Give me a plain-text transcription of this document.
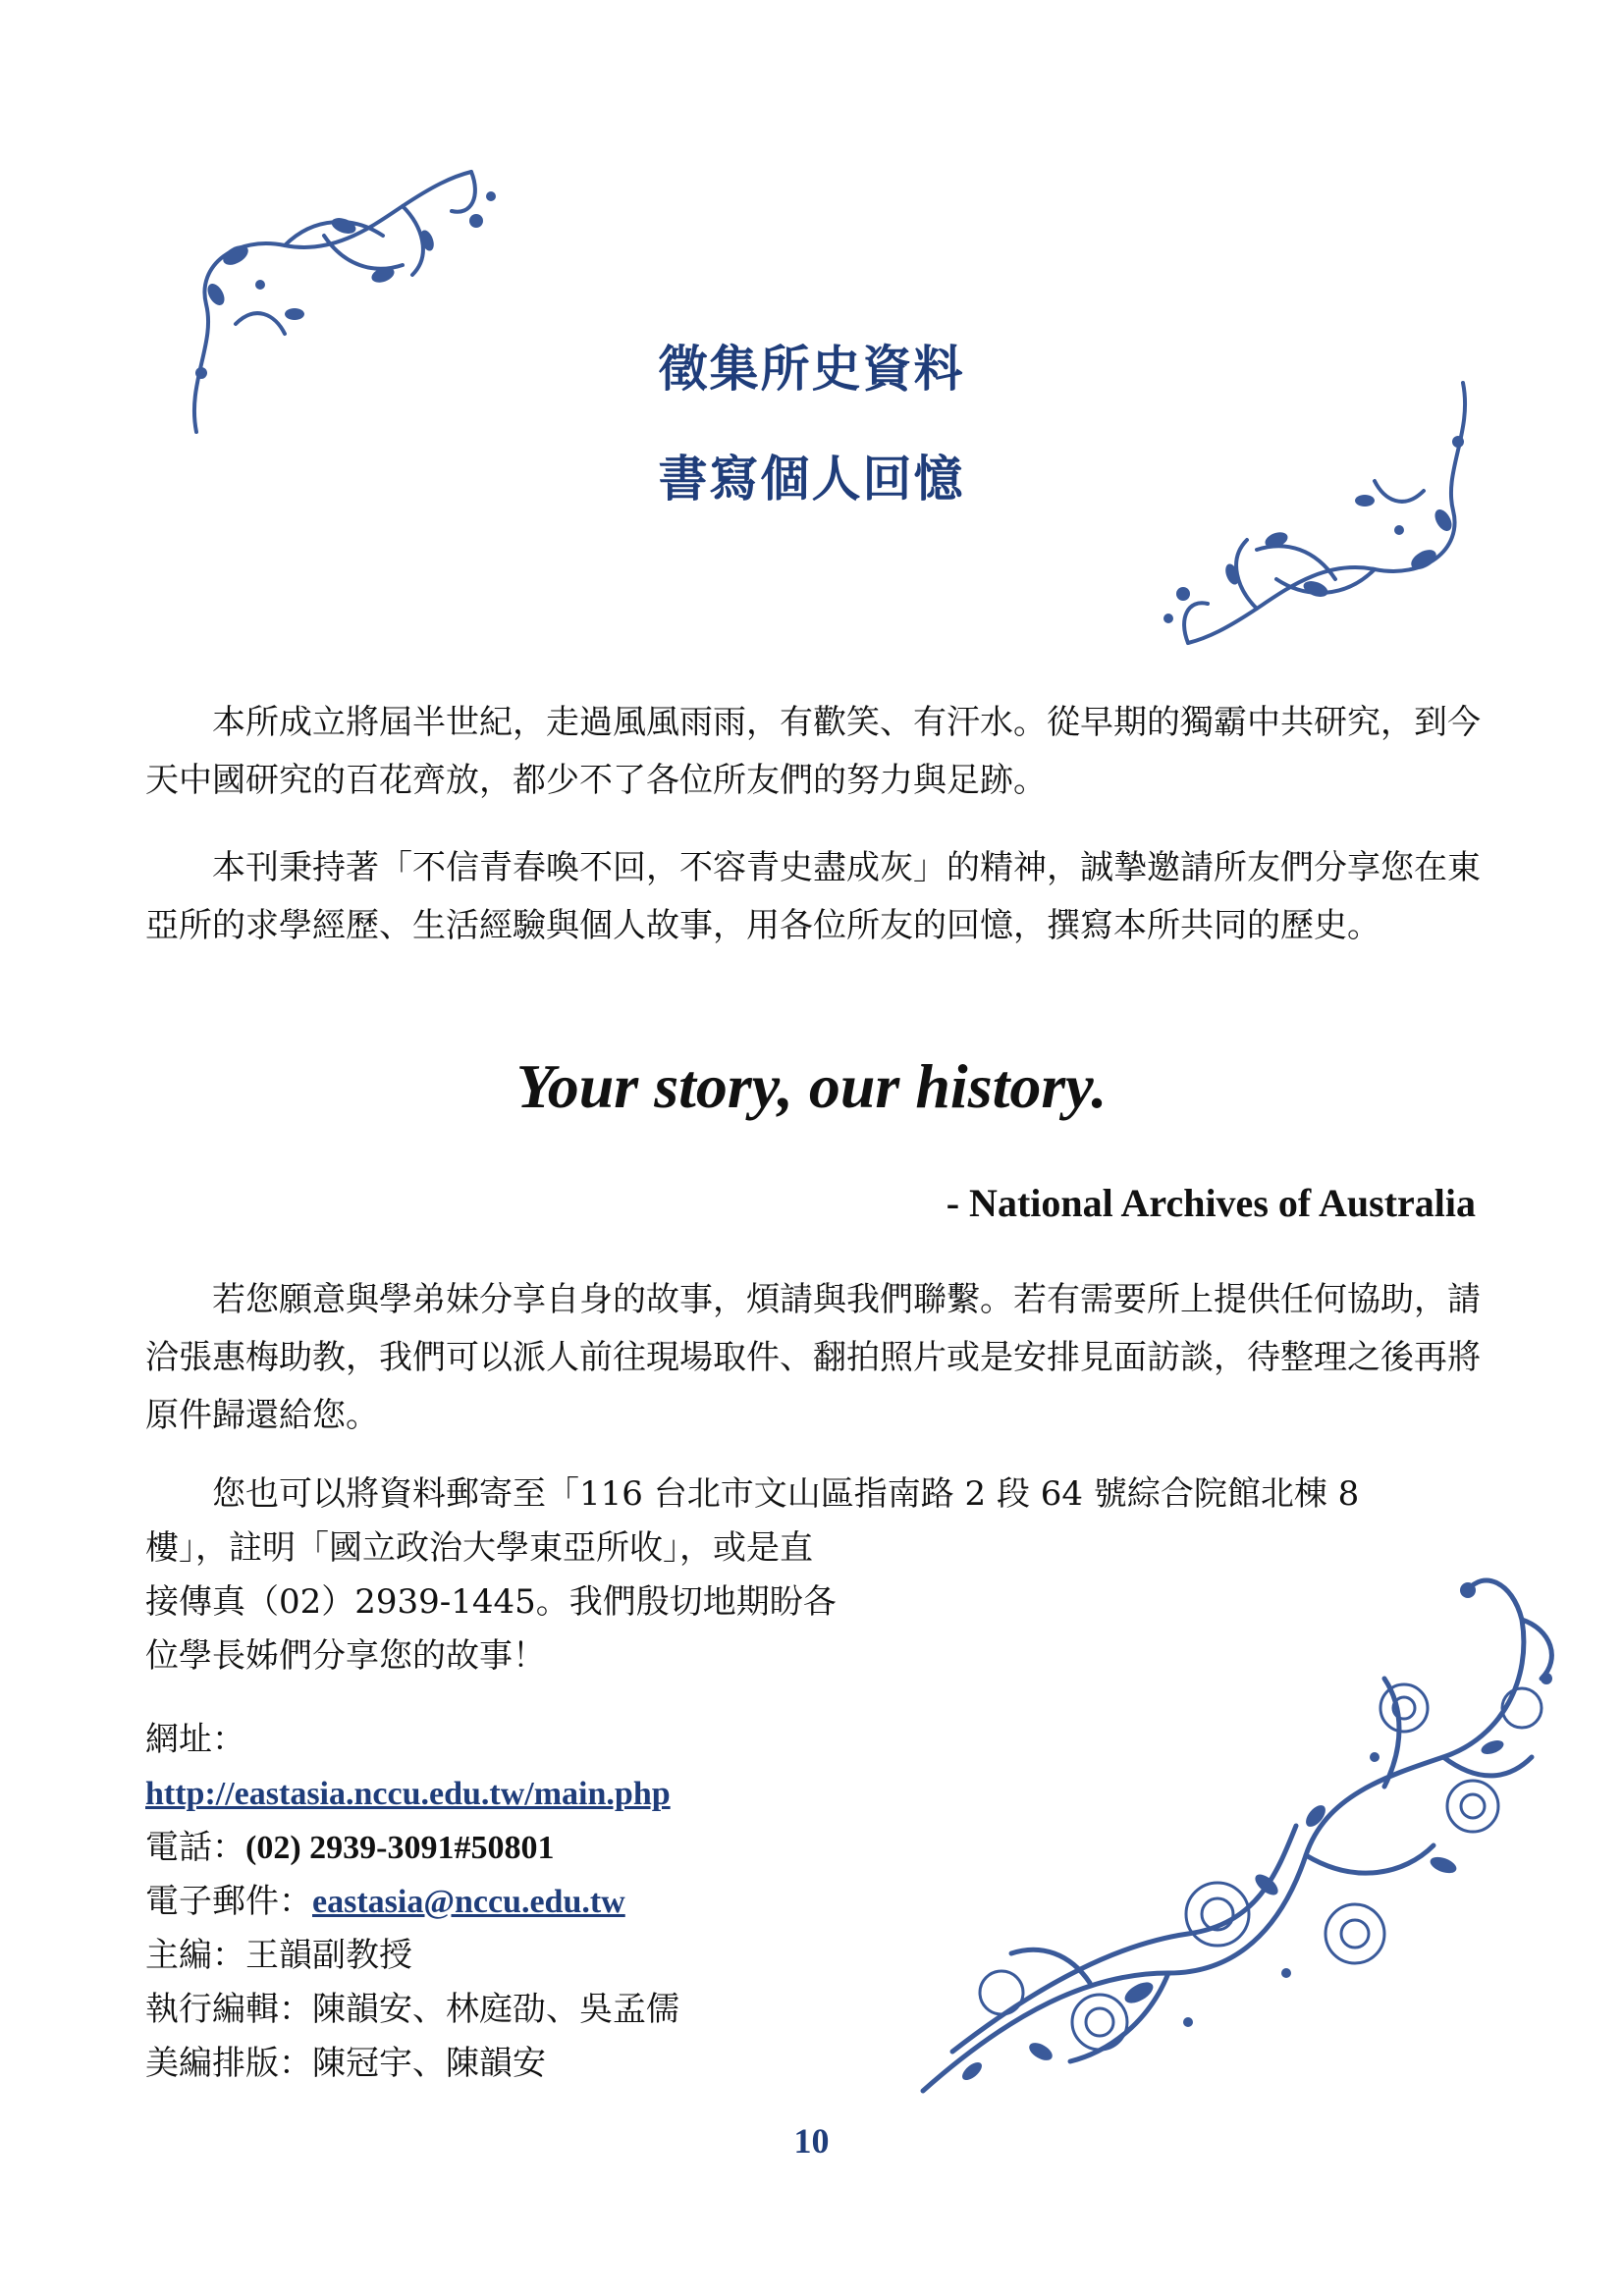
徵集所史資料
書寫個人回憶

本所成立將屆半世紀，走過風風雨雨，有歡笑、有汗水。從早期的獨霸中共研究，到今天中國研究的百花齊放，都少不了各位所友們的努力與足跡。

本刊秉持著「不信青春喚不回，不容青史盡成灰」的精神，誠摯邀請所友們分享您在東亞所的求學經歷、生活經驗與個人故事，用各位所友的回憶，撰寫本所共同的歷史。

Your story, our history.
- National Archives of Australia

若您願意與學弟妹分享自身的故事，煩請與我們聯繫。若有需要所上提供任何協助，請洽張惠梅助教，我們可以派人前往現場取件、翻拍照片或是安排見面訪談，待整理之後再將原件歸還給您。

您也可以將資料郵寄至「116 台北市文山區指南路 2 段 64 號綜合院館北棟 8
樓」，註明「國立政治大學東亞所收」，或是直
接傳真（02）2939-1445。我們殷切地期盼各
位學長姊們分享您的故事！
網址：
http://eastasia.nccu.edu.tw/main.php
電話：(02) 2939-3091#50801
電子郵件：eastasia@nccu.edu.tw
主編：王韻副教授
執行編輯：陳韻安、林庭劭、吳孟儒
美編排版：陳冠宇、陳韻安
10
